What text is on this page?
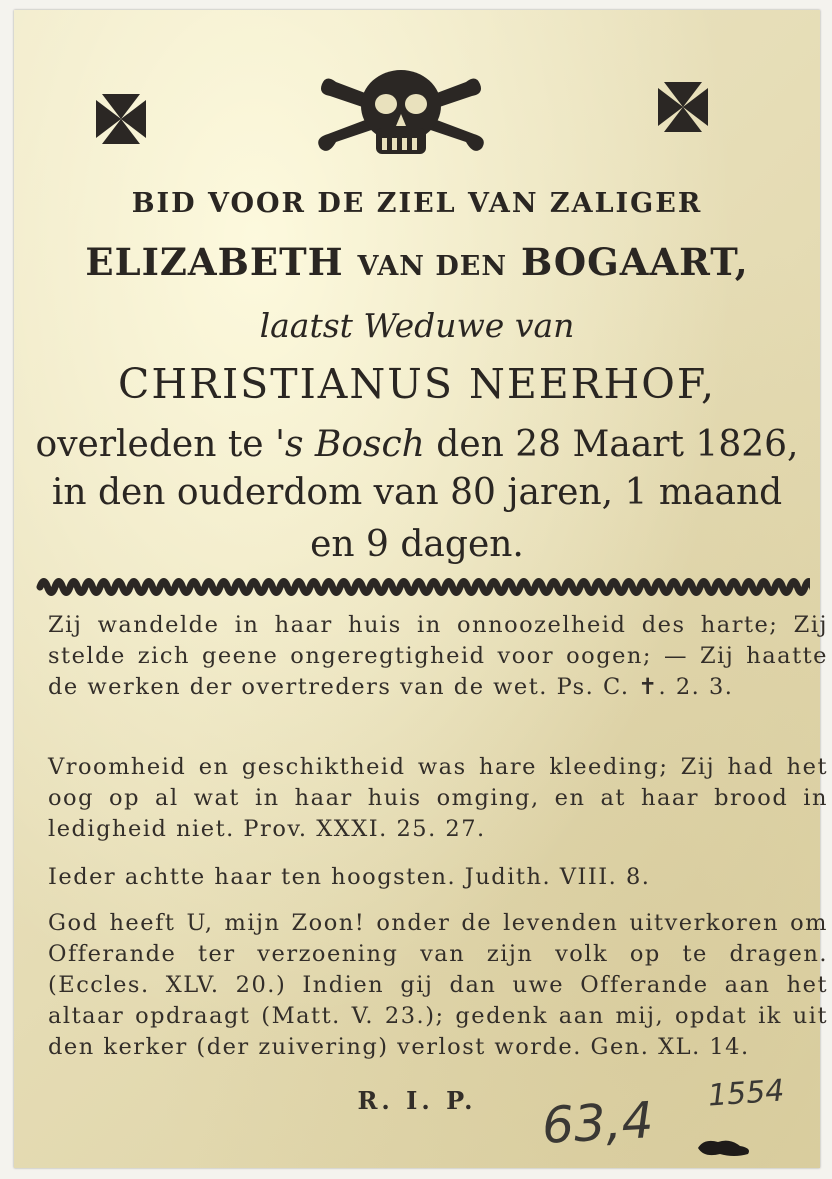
BID VOOR DE ZIEL VAN ZALIGER
ELIZABETH VAN DEN BOGAART,
laatst Weduwe van
CHRISTIANUS NEERHOF,
overleden te 's Bosch den 28 Maart 1826,
in den ouderdom van 80 jaren, 1 maand
en 9 dagen.
Zij wandelde in haar huis in onnoozelheid des harte; Zij stelde zich geene ongeregtigheid voor oogen; — Zij haatte de werken der overtreders van de wet. Ps. C. ✝. 2. 3.
Vroomheid en geschiktheid was hare kleeding; Zij had het oog op al wat in haar huis omging, en at haar brood in ledigheid niet. Prov. XXXI. 25. 27.
Ieder achtte haar ten hoogsten. Judith. VIII. 8.
God heeft U, mijn Zoon! onder de levenden uitverkoren om Offerande ter verzoening van zijn volk op te dragen. (Eccles. XLV. 20.) Indien gij dan uwe Offerande aan het altaar opdraagt (Matt. V. 23.); gedenk aan mij, opdat ik uit den kerker (der zuivering) verlost worde. Gen. XL. 14.
R. I. P.	63,4 1554
